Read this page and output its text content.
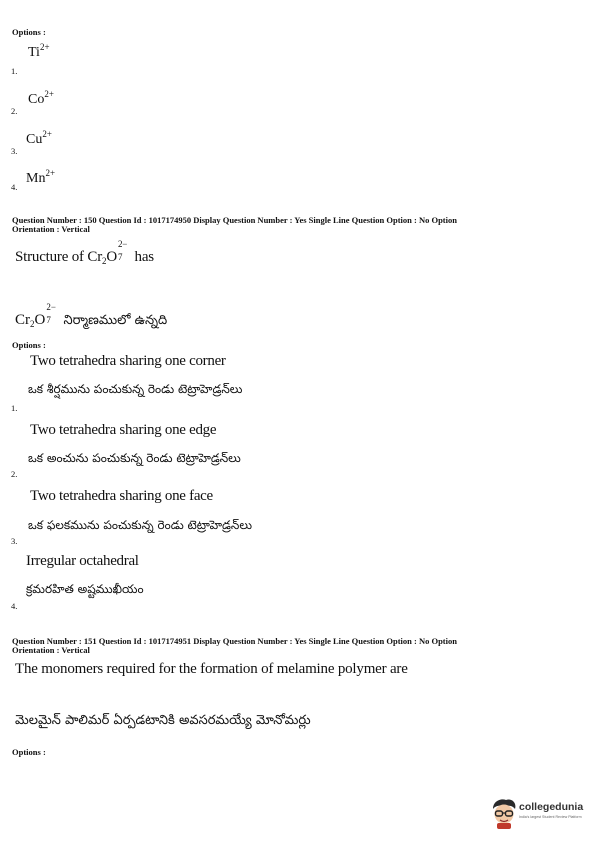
Options :
$Ti^{2+}$
1.
$Co^{2+}$
2.
$Cu^{2+}$
3.
$Mn^{2+}$
4.
Question Number : 150 Question Id : 1017174950 Display Question Number : Yes Single Line Question Option : No Option
Orientation : Vertical
Structure of $Cr_2O$
2−
7 has
$Cr_2O$
2−
7 నిర్మాణములో ఉన్నది
Options :
Two tetrahedra sharing one corner
ఒక శీర్షమును పంచుకున్న రెండు టెట్రాహెడ్రన్‌లు
1.
Two tetrahedra sharing one edge
ఒక అంచును పంచుకున్న రెండు టెట్రాహెడ్రన్‌లు
2.
Two tetrahedra sharing one face
ఒక ఫలకమును పంచుకున్న రెండు టెట్రాహెడ్రన్‌లు
3.
Irregular octahedral
క్రమరహిత అష్టముఖీయం
4.
Question Number : 151 Question Id : 1017174951 Display Question Number : Yes Single Line Question Option : No Option
Orientation : Vertical
The monomers required for the formation of melamine polymer are
మెలమైన్ పాలిమర్ ఏర్పడటానికి అవసరమయ్యే మోనోమర్లు
Options :
collegedunia
India's largest Student Review Platform
